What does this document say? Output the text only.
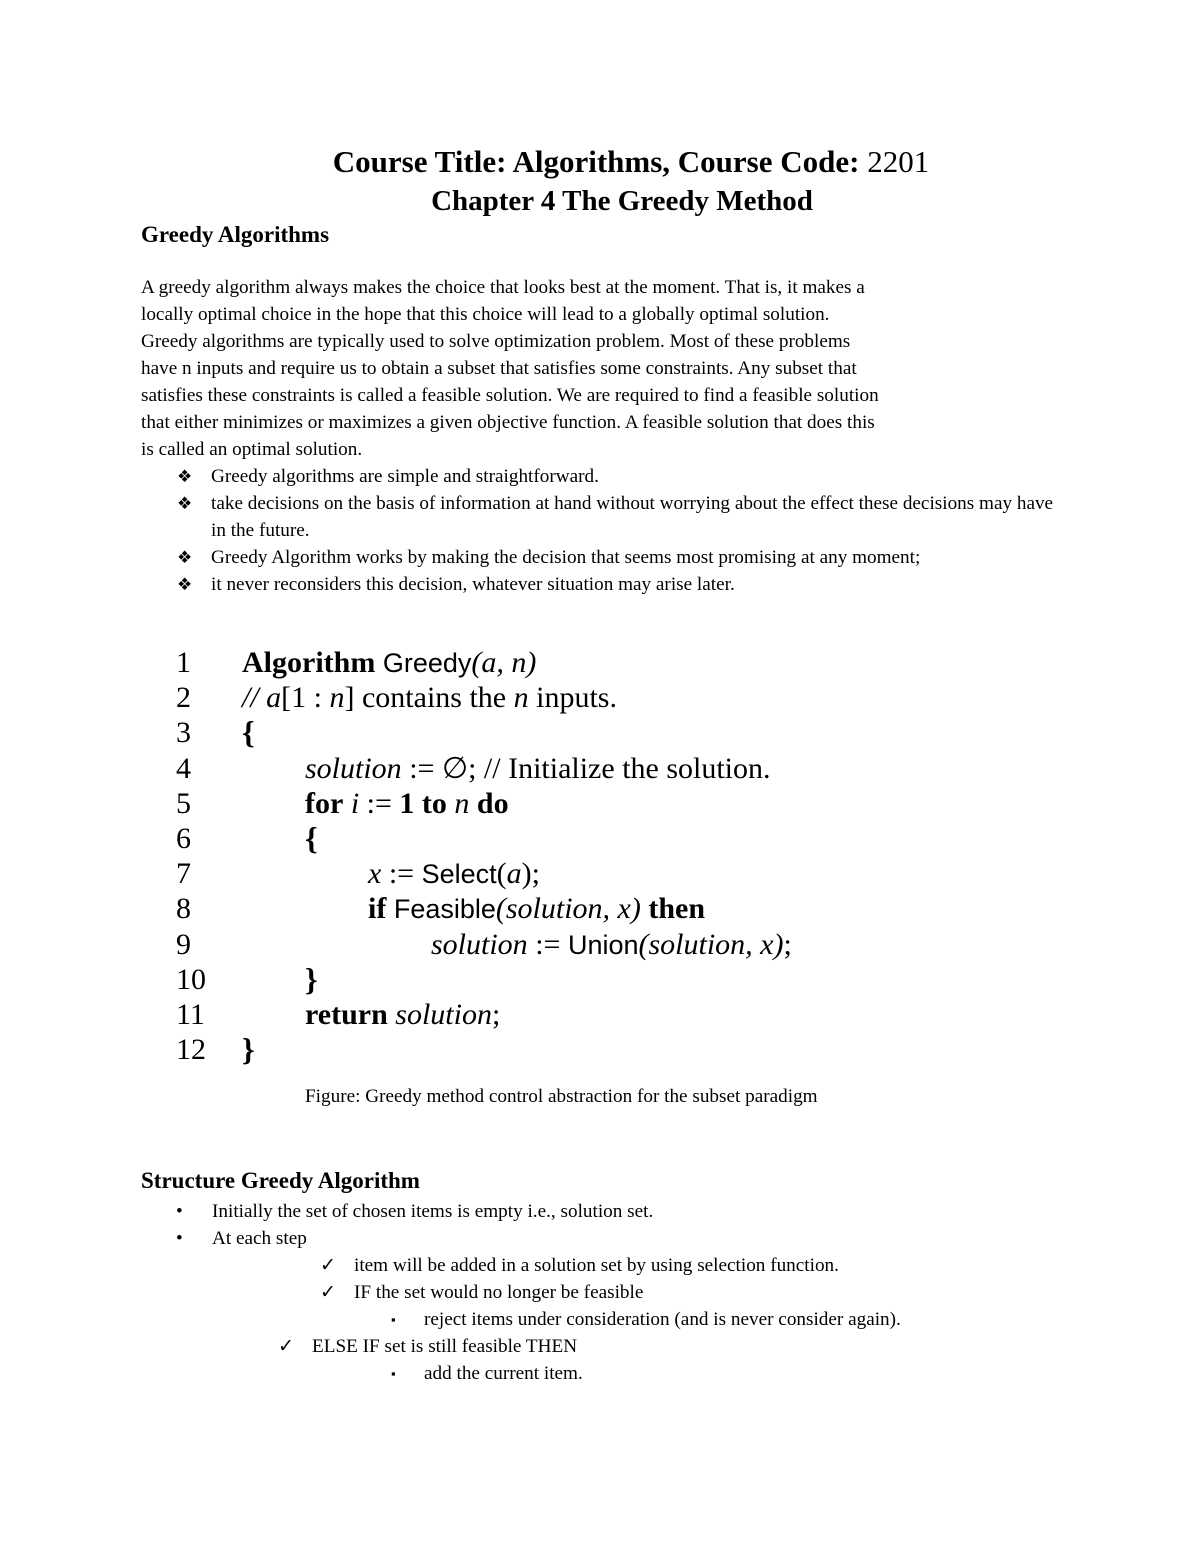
Course Title: Algorithms, Course Code: 2201
Chapter 4 The Greedy Method
Greedy Algorithms

A greedy algorithm always makes the choice that looks best at the moment. That is, it makes a
locally optimal choice in the hope that this choice will lead to a globally optimal solution.
Greedy algorithms are typically used to solve optimization problem. Most of these problems
have n inputs and require us to obtain a subset that satisfies some constraints. Any subset that
satisfies these constraints is called a feasible solution. We are required to find a feasible solution
that either minimizes or maximizes a given objective function. A feasible solution that does this
is called an optimal solution.

❖ Greedy algorithms are simple and straightforward.
❖ take decisions on the basis of information at hand without worrying about the effect these decisions may have in the future.
❖ Greedy Algorithm works by making the decision that seems most promising at any moment;
❖ it never reconsiders this decision, whatever situation may arise later.
1	Algorithm Greedy(a, n)
2	// a[1 : n] contains the n inputs.
3	{
4	solution := ∅; // Initialize the solution.
5	for i := 1 to n do
6	{
7	x := Select(a);
8	if Feasible(solution, x) then
9	solution := Union(solution, x);
10	}
11	return solution;
12	}
Figure: Greedy method control abstraction for the subset paradigm
Structure Greedy Algorithm
• Initially the set of chosen items is empty i.e., solution set.
• At each step
✓ item will be added in a solution set by using selection function.
✓ IF the set would no longer be feasible
▪ reject items under consideration (and is never consider again).
✓ ELSE IF set is still feasible THEN
▪ add the current item.
